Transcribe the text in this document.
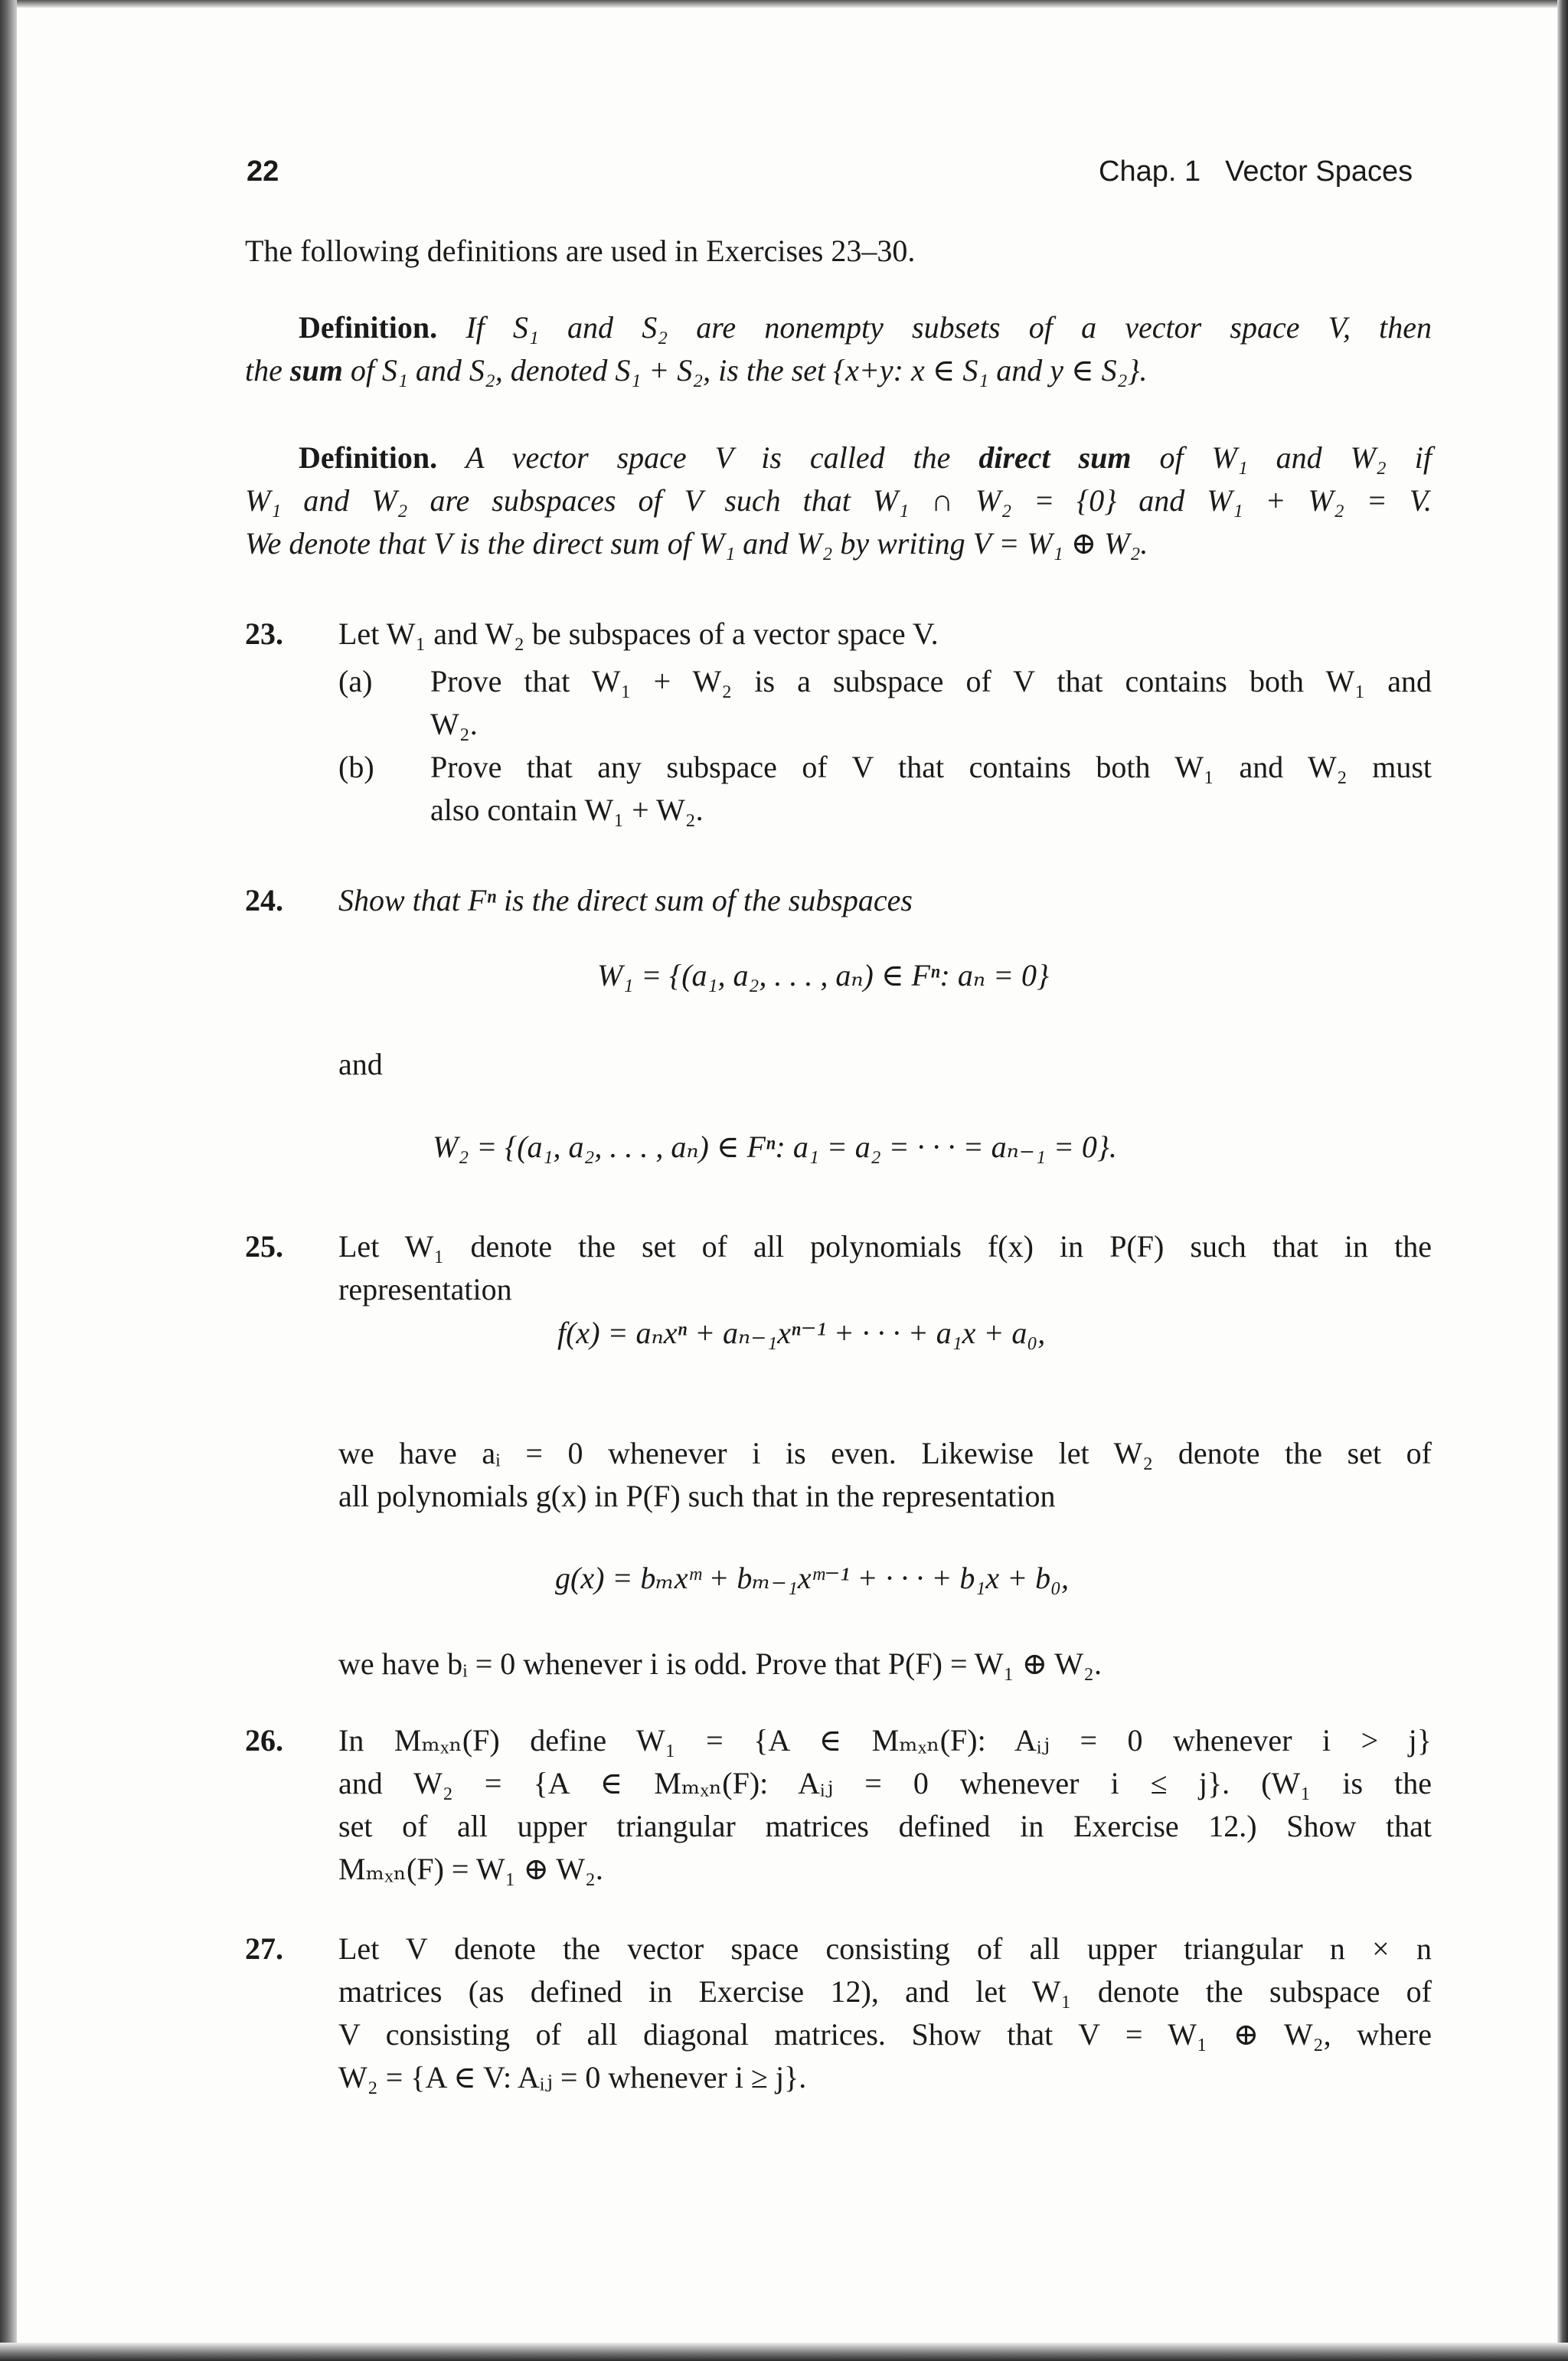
22	Chap. 1 Vector Spaces
The following definitions are used in Exercises 23–30.
Definition. If S₁ and S₂ are nonempty subsets of a vector space V, then
the sum of S₁ and S₂, denoted S₁ + S₂, is the set {x+y: x ∈ S₁ and y ∈ S₂}.
Definition. A vector space V is called the direct sum of W₁ and W₂ if
W₁ and W₂ are subspaces of V such that W₁ ∩ W₂ = {0} and W₁ + W₂ = V.
We denote that V is the direct sum of W₁ and W₂ by writing V = W₁ ⊕ W₂.
23. Let W₁ and W₂ be subspaces of a vector space V.
(a) Prove that W₁ + W₂ is a subspace of V that contains both W₁ and
W₂.
(b) Prove that any subspace of V that contains both W₁ and W₂ must
also contain W₁ + W₂.
24. Show that Fⁿ is the direct sum of the subspaces
W₁ = {(a₁, a₂, . . . , aₙ) ∈ Fⁿ: aₙ = 0}
and
W₂ = {(a₁, a₂, . . . , aₙ) ∈ Fⁿ: a₁ = a₂ = · · · = aₙ₋₁ = 0}.
25. Let W₁ denote the set of all polynomials f(x) in P(F) such that in the
representation
f(x) = aₙxⁿ + aₙ₋₁xⁿ⁻¹ + · · · + a₁x + a₀,
we have aᵢ = 0 whenever i is even. Likewise let W₂ denote the set of
all polynomials g(x) in P(F) such that in the representation
g(x) = bₘxᵐ + bₘ₋₁xᵐ⁻¹ + · · · + b₁x + b₀,
we have bᵢ = 0 whenever i is odd. Prove that P(F) = W₁ ⊕ W₂.
26. In Mₘₓₙ(F) define W₁ = {A ∈ Mₘₓₙ(F): Aᵢⱼ = 0 whenever i > j}
and W₂ = {A ∈ Mₘₓₙ(F): Aᵢⱼ = 0 whenever i ≤ j}. (W₁ is the
set of all upper triangular matrices defined in Exercise 12.) Show that
Mₘₓₙ(F) = W₁ ⊕ W₂.
27. Let V denote the vector space consisting of all upper triangular n × n
matrices (as defined in Exercise 12), and let W₁ denote the subspace of
V consisting of all diagonal matrices. Show that V = W₁ ⊕ W₂, where
W₂ = {A ∈ V: Aᵢⱼ = 0 whenever i ≥ j}.
